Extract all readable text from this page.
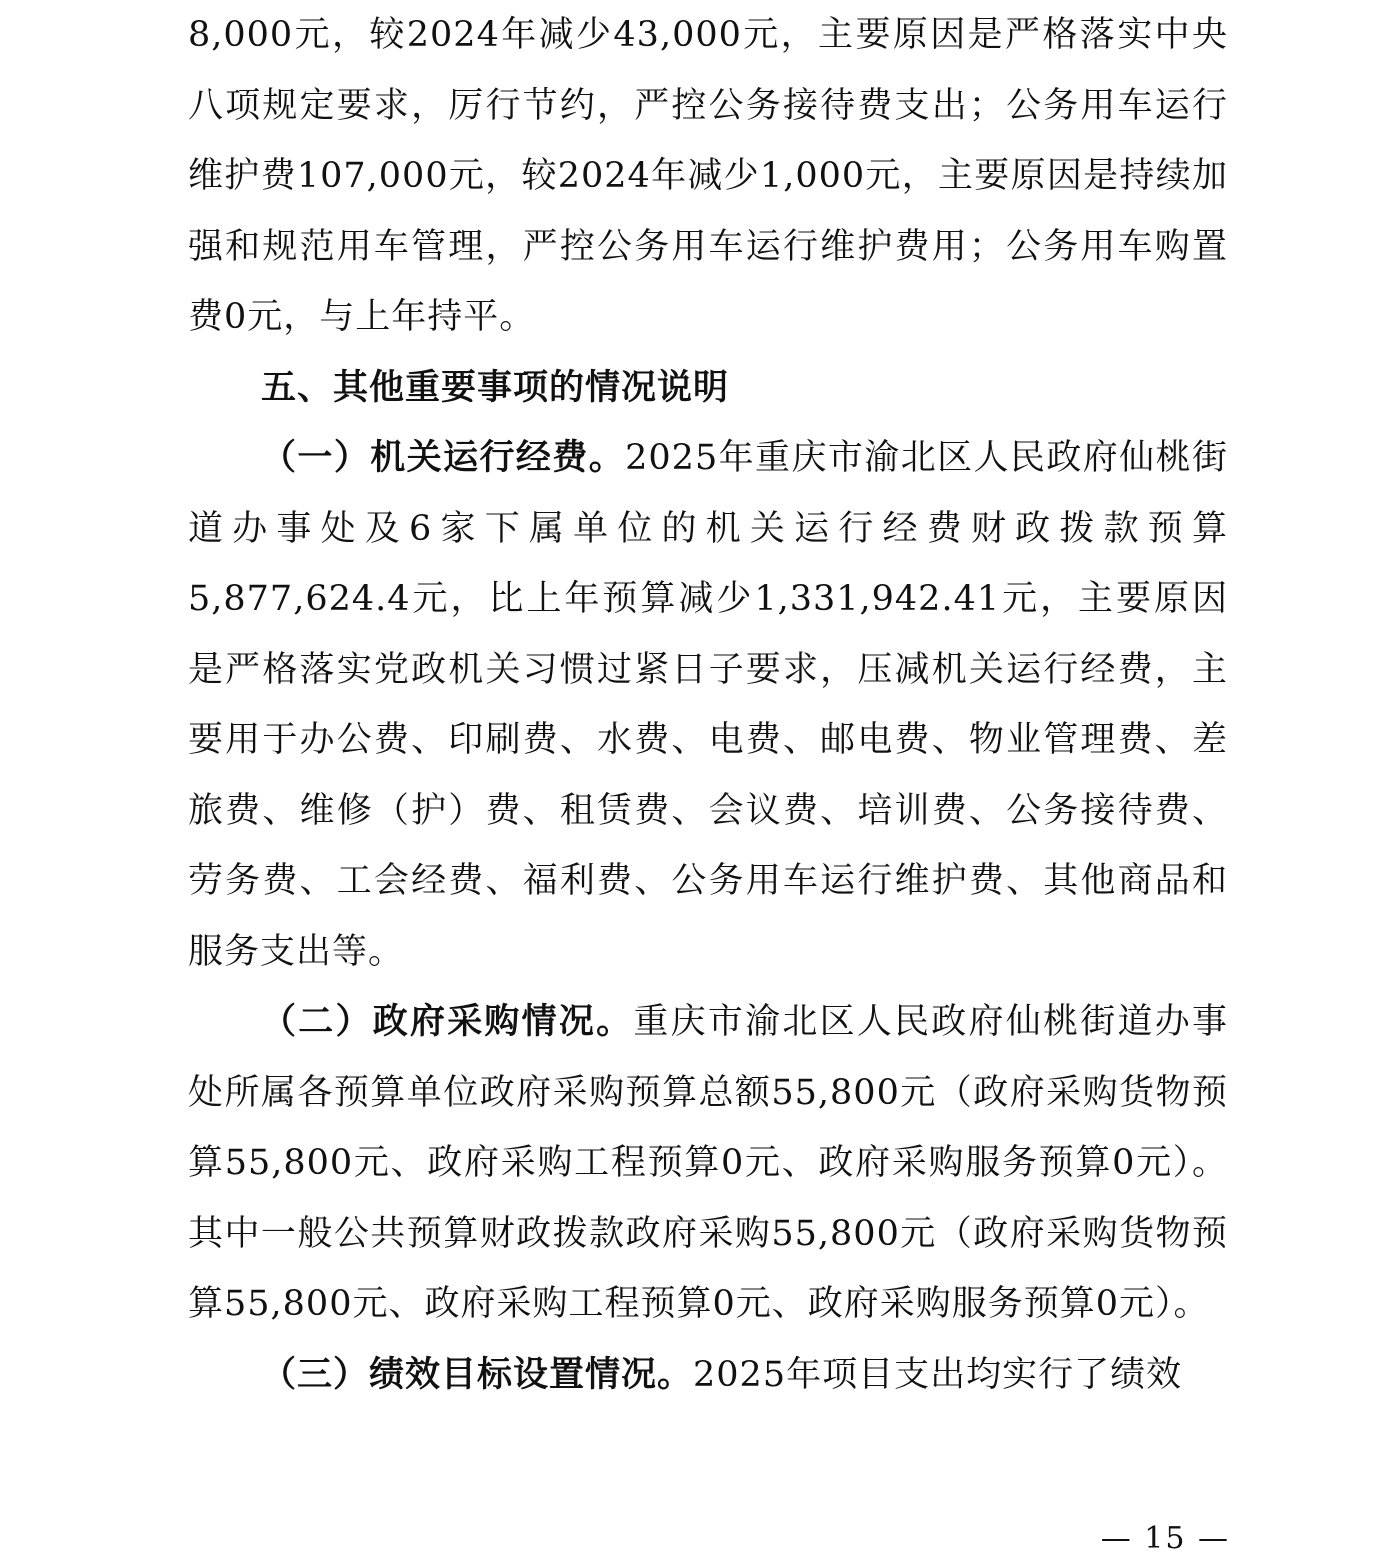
8,000元，较2024年减少43,000元，主要原因是严格落实中央八项规定要求，厉行节约，严控公务接待费支出；公务用车运行维护费107,000元，较2024年减少1,000元，主要原因是持续加强和规范用车管理，严控公务用车运行维护费用；公务用车购置费0元，与上年持平。

五、其他重要事项的情况说明

（一）机关运行经费。2025年重庆市渝北区人民政府仙桃街道办事处及6家下属单位的机关运行经费财政拨款预算5,877,624.4元，比上年预算减少1,331,942.41元，主要原因是严格落实党政机关习惯过紧日子要求，压减机关运行经费，主要用于办公费、印刷费、水费、电费、邮电费、物业管理费、差旅费、维修（护）费、租赁费、会议费、培训费、公务接待费、劳务费、工会经费、福利费、公务用车运行维护费、其他商品和服务支出等。

（二）政府采购情况。重庆市渝北区人民政府仙桃街道办事处所属各预算单位政府采购预算总额55,800元（政府采购货物预算55,800元、政府采购工程预算0元、政府采购服务预算0元）。其中一般公共预算财政拨款政府采购55,800元（政府采购货物预算55,800元、政府采购工程预算0元、政府采购服务预算0元）。

（三）绩效目标设置情况。2025年项目支出均实行了绩效

— 15 —
